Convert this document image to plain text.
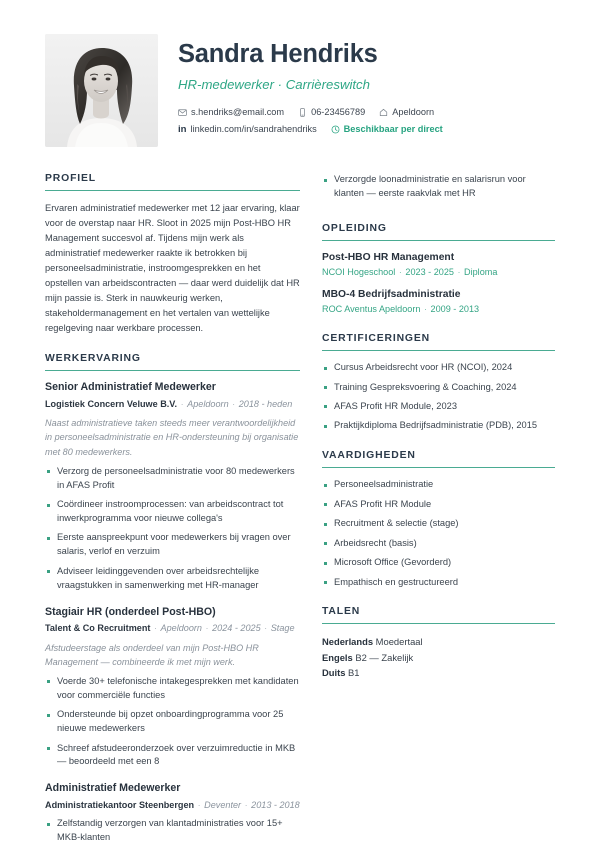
Sandra Hendriks
HR-medewerker · Carrièreswitch
s.hendriks@email.com	06-23456789	Apeldoorn
in linkedin.com/in/sandrahendriks	Beschikbaar per direct
PROFIEL
Ervaren administratief medewerker met 12 jaar ervaring, klaar voor de overstap naar HR. Sloot in 2025 mijn Post-HBO HR Management succesvol af. Tijdens mijn werk als administratief medewerker raakte ik betrokken bij personeelsadministratie, instroomgesprekken en het opstellen van arbeidscontracten — daar werd duidelijk dat HR mijn passie is. Sterk in nauwkeurig werken, stakeholdermanagement en het vertalen van wettelijke regelgeving naar werkbare processen.
WERKERVARING
Senior Administratief Medewerker
Logistiek Concern Veluwe B.V. · Apeldoorn · 2018 - heden
Naast administratieve taken steeds meer verantwoordelijkheid in personeelsadministratie en HR-ondersteuning bij organisatie met 80 medewerkers.
Verzorg de personeelsadministratie voor 80 medewerkers in AFAS Profit
Coördineer instroomprocessen: van arbeidscontract tot inwerkprogramma voor nieuwe collega's
Eerste aanspreekpunt voor medewerkers bij vragen over salaris, verlof en verzuim
Adviseer leidinggevenden over arbeidsrechtelijke vraagstukken in samenwerking met HR-manager
Stagiair HR (onderdeel Post-HBO)
Talent & Co Recruitment · Apeldoorn · 2024 - 2025 · Stage
Afstudeerstage als onderdeel van mijn Post-HBO HR Management — combineerde ik met mijn werk.
Voerde 30+ telefonische intakegesprekken met kandidaten voor commerciële functies
Ondersteunde bij opzet onboardingprogramma voor 25 nieuwe medewerkers
Schreef afstudeeronderzoek over verzuimreductie in MKB — beoordeeld met een 8
Administratief Medewerker
Administratiekantoor Steenbergen · Deventer · 2013 - 2018
Zelfstandig verzorgen van klantadministraties voor 15+ MKB-klanten
Verzorgde loonadministratie en salarisrun voor klanten — eerste raakvlak met HR
OPLEIDING
Post-HBO HR Management
NCOI Hogeschool · 2023 - 2025 · Diploma
MBO-4 Bedrijfsadministratie
ROC Aventus Apeldoorn · 2009 - 2013
CERTIFICERINGEN
Cursus Arbeidsrecht voor HR (NCOI), 2024
Training Gespreksvoering & Coaching, 2024
AFAS Profit HR Module, 2023
Praktijkdiploma Bedrijfsadministratie (PDB), 2015
VAARDIGHEDEN
Personeelsadministratie
AFAS Profit HR Module
Recruitment & selectie (stage)
Arbeidsrecht (basis)
Microsoft Office (Gevorderd)
Empathisch en gestructureerd
TALEN
Nederlands Moedertaal
Engels B2 — Zakelijk
Duits B1
